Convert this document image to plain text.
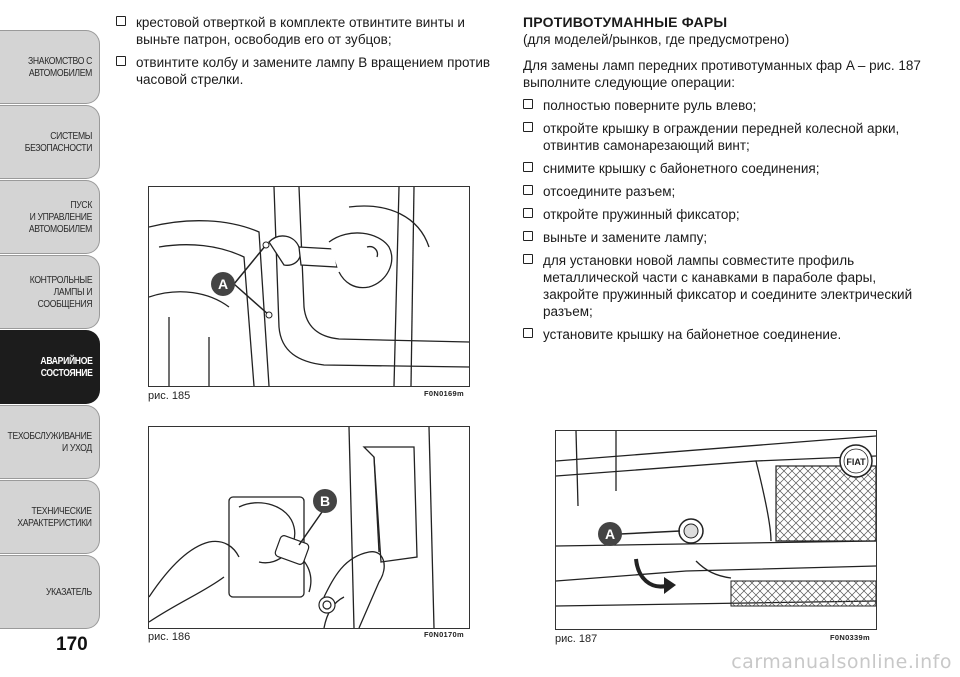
ЗНАКОМСТВО С
АВТОМОБИЛЕМ
СИСТЕМЫ
БЕЗОПАСНОСТИ
ПУСК
И УПРАВЛЕНИЕ
АВТОМОБИЛЕМ
КОНТРОЛЬНЫЕ
ЛАМПЫ И
СООБЩЕНИЯ
АВАРИЙНОЕ
СОСТОЯНИЕ
ТЕХОБСЛУЖИВАНИЕ
И УХОД
ТЕХНИЧЕСКИЕ
ХАРАКТЕРИСТИКИ
УКАЗАТЕЛЬ
170
крестовой отверткой в комплекте отвинтите винты и выньте патрон, освободив его от зубцов;
отвинтите колбу и замените лампу B вращением против часовой стрелки.
A
рис. 185	F0N0169m
B
рис. 186	F0N0170m
ПРОТИВОТУМАННЫЕ ФАРЫ
(для моделей/рынков, где предусмотрено)
Для замены ламп передних противотуманных фар A – рис. 187 выполните следующие операции:
полностью поверните руль влево;
откройте крышку в ограждении передней колесной арки, отвинтив самонарезающий винт;
снимите крышку с байонетного соединения;
отсоедините разъем;
откройте пружинный фиксатор;
выньте и замените лампу;
для установки новой лампы совместите профиль металлической части с канавками в параболе фары, закройте пружинный фиксатор и соедините электрический разъем;
установите крышку на байонетное соединение.
A
FIAT
рис. 187	F0N0339m
carmanualsonline.info
